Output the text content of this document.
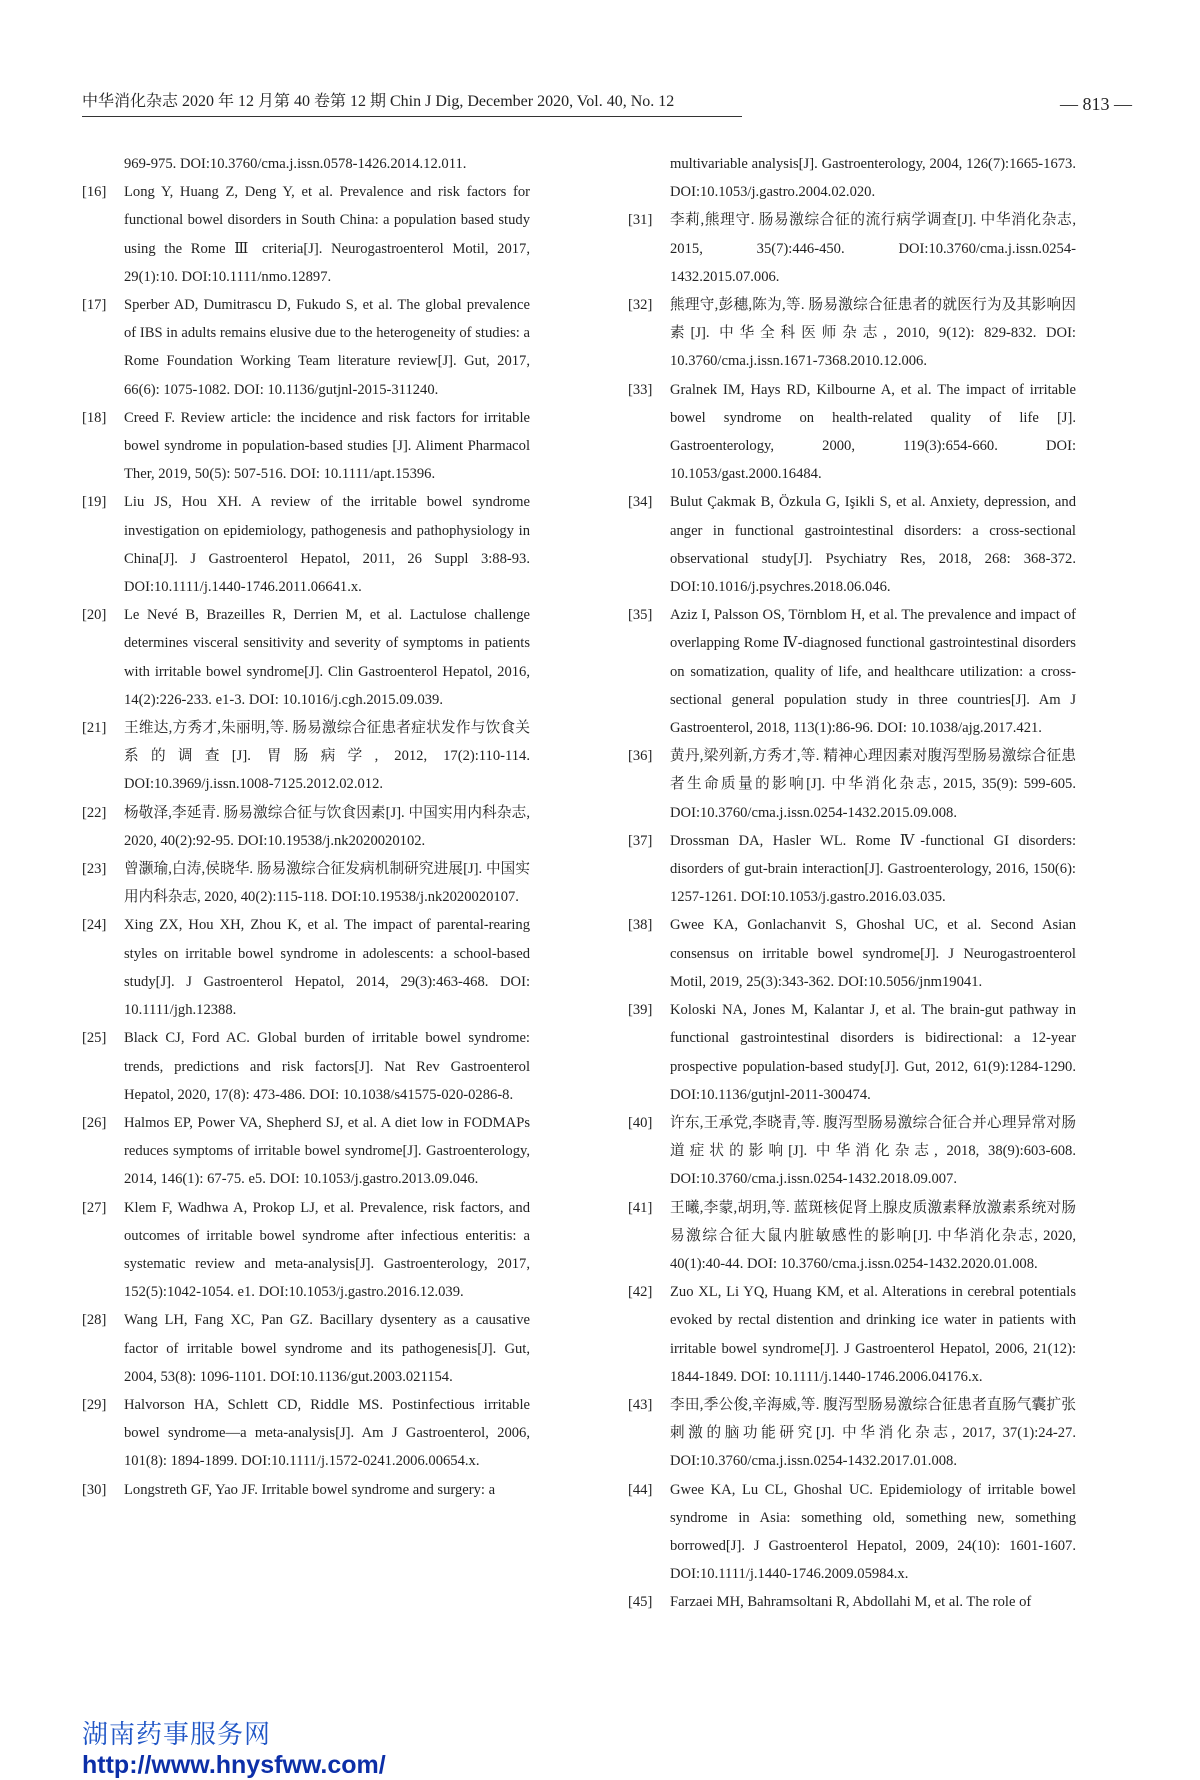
中华消化杂志 2020 年 12 月第 40 卷第 12 期 Chin J Dig, December 2020, Vol. 40, No. 12	— 813 —

969-975. DOI:10.3760/cma.j.issn.0578-1426.2014.12.011.

[16] Long Y, Huang Z, Deng Y, et al. Prevalence and risk factors for functional bowel disorders in South China: a population based study using the Rome Ⅲ criteria[J]. Neurogastroenterol Motil, 2017, 29(1):10. DOI:10.1111/nmo.12897.

[17] Sperber AD, Dumitrascu D, Fukudo S, et al. The global prevalence of IBS in adults remains elusive due to the heterogeneity of studies: a Rome Foundation Working Team literature review[J]. Gut, 2017, 66(6): 1075-1082. DOI: 10.1136/gutjnl-2015-311240.

[18] Creed F. Review article: the incidence and risk factors for irritable bowel syndrome in population-based studies [J]. Aliment Pharmacol Ther, 2019, 50(5): 507-516. DOI: 10.1111/apt.15396.

[19] Liu JS, Hou XH. A review of the irritable bowel syndrome investigation on epidemiology, pathogenesis and pathophysiology in China[J]. J Gastroenterol Hepatol, 2011, 26 Suppl 3:88-93. DOI:10.1111/j.1440-1746.2011.06641.x.

[20] Le Nevé B, Brazeilles R, Derrien M, et al. Lactulose challenge determines visceral sensitivity and severity of symptoms in patients with irritable bowel syndrome[J]. Clin Gastroenterol Hepatol, 2016, 14(2):226-233. e1-3. DOI: 10.1016/j.cgh.2015.09.039.

[21] 王维达,方秀才,朱丽明,等. 肠易激综合征患者症状发作与饮食关系的调查[J]. 胃肠病学, 2012, 17(2):110-114. DOI:10.3969/j.issn.1008-7125.2012.02.012.

[22] 杨敬泽,李延青. 肠易激综合征与饮食因素[J]. 中国实用内科杂志, 2020, 40(2):92-95. DOI:10.19538/j.nk2020020102.

[23] 曾灏瑜,白涛,侯晓华. 肠易激综合征发病机制研究进展[J]. 中国实用内科杂志, 2020, 40(2):115-118. DOI:10.19538/j.nk2020020107.

[24] Xing ZX, Hou XH, Zhou K, et al. The impact of parental-rearing styles on irritable bowel syndrome in adolescents: a school-based study[J]. J Gastroenterol Hepatol, 2014, 29(3):463-468. DOI: 10.1111/jgh.12388.

[25] Black CJ, Ford AC. Global burden of irritable bowel syndrome: trends, predictions and risk factors[J]. Nat Rev Gastroenterol Hepatol, 2020, 17(8): 473-486. DOI: 10.1038/s41575-020-0286-8.

[26] Halmos EP, Power VA, Shepherd SJ, et al. A diet low in FODMAPs reduces symptoms of irritable bowel syndrome[J]. Gastroenterology, 2014, 146(1): 67-75. e5. DOI: 10.1053/j.gastro.2013.09.046.

[27] Klem F, Wadhwa A, Prokop LJ, et al. Prevalence, risk factors, and outcomes of irritable bowel syndrome after infectious enteritis: a systematic review and meta-analysis[J]. Gastroenterology, 2017, 152(5):1042-1054. e1. DOI:10.1053/j.gastro.2016.12.039.

[28] Wang LH, Fang XC, Pan GZ. Bacillary dysentery as a causative factor of irritable bowel syndrome and its pathogenesis[J]. Gut, 2004, 53(8): 1096-1101. DOI:10.1136/gut.2003.021154.

[29] Halvorson HA, Schlett CD, Riddle MS. Postinfectious irritable bowel syndrome—a meta-analysis[J]. Am J Gastroenterol, 2006, 101(8): 1894-1899. DOI:10.1111/j.1572-0241.2006.00654.x.

[30] Longstreth GF, Yao JF. Irritable bowel syndrome and surgery: a

multivariable analysis[J]. Gastroenterology, 2004, 126(7):1665-1673. DOI:10.1053/j.gastro.2004.02.020.

[31] 李莉,熊理守. 肠易激综合征的流行病学调查[J]. 中华消化杂志, 2015, 35(7):446-450. DOI:10.3760/cma.j.issn.0254-1432.2015.07.006.

[32] 熊理守,彭穗,陈为,等. 肠易激综合征患者的就医行为及其影响因素[J]. 中华全科医师杂志, 2010, 9(12): 829-832. DOI: 10.3760/cma.j.issn.1671-7368.2010.12.006.

[33] Gralnek IM, Hays RD, Kilbourne A, et al. The impact of irritable bowel syndrome on health-related quality of life [J]. Gastroenterology, 2000, 119(3):654-660. DOI: 10.1053/gast.2000.16484.

[34] Bulut Çakmak B, Özkula G, Işikli S, et al. Anxiety, depression, and anger in functional gastrointestinal disorders: a cross-sectional observational study[J]. Psychiatry Res, 2018, 268: 368-372. DOI:10.1016/j.psychres.2018.06.046.

[35] Aziz I, Palsson OS, Törnblom H, et al. The prevalence and impact of overlapping Rome Ⅳ-diagnosed functional gastrointestinal disorders on somatization, quality of life, and healthcare utilization: a cross-sectional general population study in three countries[J]. Am J Gastroenterol, 2018, 113(1):86-96. DOI: 10.1038/ajg.2017.421.

[36] 黄丹,梁列新,方秀才,等. 精神心理因素对腹泻型肠易激综合征患者生命质量的影响[J]. 中华消化杂志, 2015, 35(9): 599-605. DOI:10.3760/cma.j.issn.0254-1432.2015.09.008.

[37] Drossman DA, Hasler WL. Rome Ⅳ-functional GI disorders: disorders of gut-brain interaction[J]. Gastroenterology, 2016, 150(6): 1257-1261. DOI:10.1053/j.gastro.2016.03.035.

[38] Gwee KA, Gonlachanvit S, Ghoshal UC, et al. Second Asian consensus on irritable bowel syndrome[J]. J Neurogastroenterol Motil, 2019, 25(3):343-362. DOI:10.5056/jnm19041.

[39] Koloski NA, Jones M, Kalantar J, et al. The brain-gut pathway in functional gastrointestinal disorders is bidirectional: a 12-year prospective population-based study[J]. Gut, 2012, 61(9):1284-1290. DOI:10.1136/gutjnl-2011-300474.

[40] 许东,王承党,李晓青,等. 腹泻型肠易激综合征合并心理异常对肠道症状的影响[J]. 中华消化杂志, 2018, 38(9):603-608. DOI:10.3760/cma.j.issn.0254-1432.2018.09.007.

[41] 王曦,李蒙,胡玥,等. 蓝斑核促肾上腺皮质激素释放激素系统对肠易激综合征大鼠内脏敏感性的影响[J]. 中华消化杂志, 2020, 40(1):40-44. DOI: 10.3760/cma.j.issn.0254-1432.2020.01.008.

[42] Zuo XL, Li YQ, Huang KM, et al. Alterations in cerebral potentials evoked by rectal distention and drinking ice water in patients with irritable bowel syndrome[J]. J Gastroenterol Hepatol, 2006, 21(12): 1844-1849. DOI: 10.1111/j.1440-1746.2006.04176.x.

[43] 李田,季公俊,辛海威,等. 腹泻型肠易激综合征患者直肠气囊扩张刺激的脑功能研究[J]. 中华消化杂志, 2017, 37(1):24-27. DOI:10.3760/cma.j.issn.0254-1432.2017.01.008.

[44] Gwee KA, Lu CL, Ghoshal UC. Epidemiology of irritable bowel syndrome in Asia: something old, something new, something borrowed[J]. J Gastroenterol Hepatol, 2009, 24(10): 1601-1607. DOI:10.1111/j.1440-1746.2009.05984.x.

[45] Farzaei MH, Bahramsoltani R, Abdollahi M, et al. The role of

湖南药事服务网
http://www.hnysfww.com/
